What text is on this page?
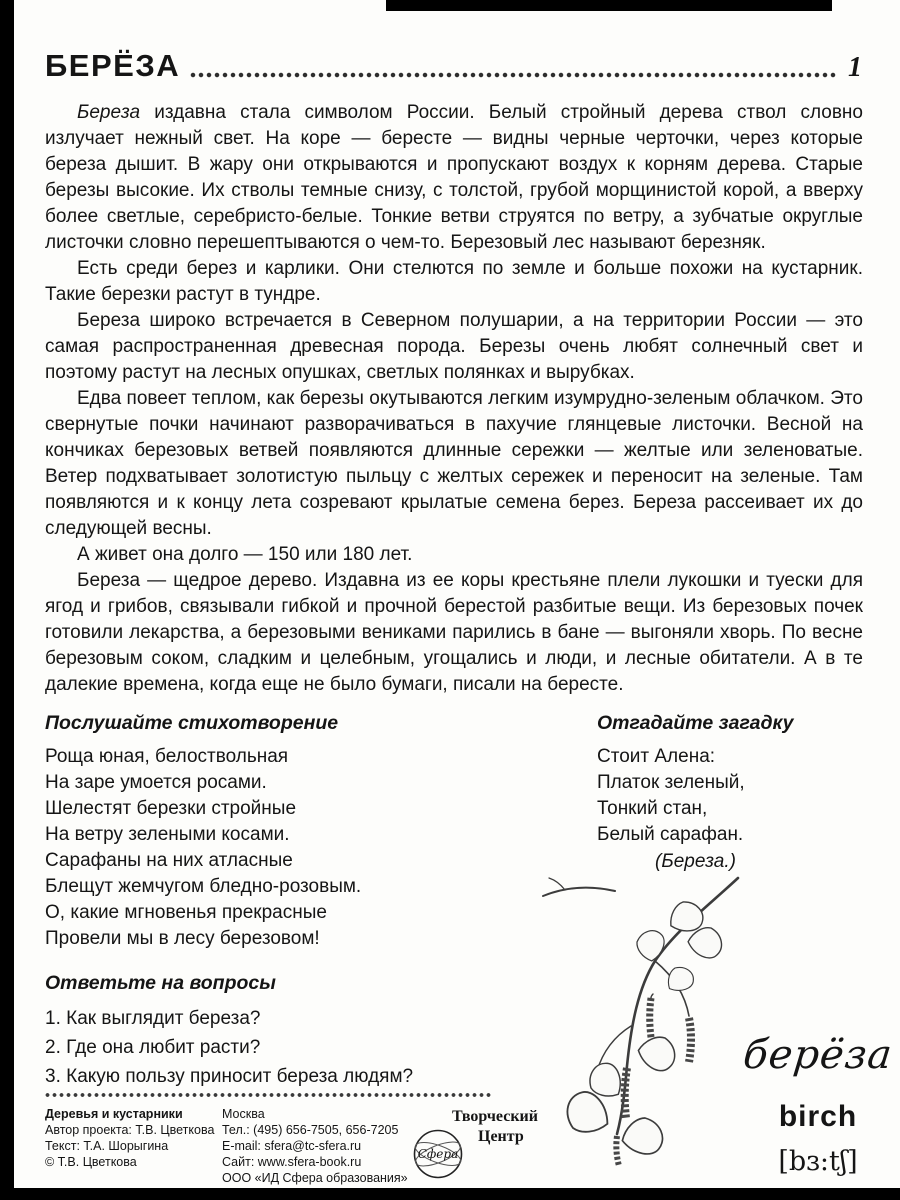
БЕРЁЗА	1

Береза издавна стала символом России. Белый стройный дерева ствол словно излучает нежный свет. На коре — бересте — видны черные черточки, через которые береза дышит. В жару они открываются и пропускают воздух к корням дерева. Старые березы высокие. Их стволы темные снизу, с толстой, грубой морщинистой корой, а вверху более светлые, серебристо-белые. Тонкие ветви струятся по ветру, а зубчатые округлые листочки словно перешептываются о чем-то. Березовый лес называют березняк.

Есть среди берез и карлики. Они стелются по земле и больше похожи на кустарник. Такие березки растут в тундре.

Береза широко встречается в Северном полушарии, а на территории России — это самая распространенная древесная порода. Березы очень любят солнечный свет и поэтому растут на лесных опушках, светлых полянках и вырубках.

Едва повеет теплом, как березы окутываются легким изумрудно-зеленым облачком. Это свернутые почки начинают разворачиваться в пахучие глянцевые листочки. Весной на кончиках березовых ветвей появляются длинные сережки — желтые или зеленоватые. Ветер подхватывает золотистую пыльцу с желтых сережек и переносит на зеленые. Там появляются и к концу лета созревают крылатые семена берез. Береза рассеивает их до следующей весны.

А живет она долго — 150 или 180 лет.

Береза — щедрое дерево. Издавна из ее коры крестьяне плели лукошки и туески для ягод и грибов, связывали гибкой и прочной берестой разбитые вещи. Из березовых почек готовили лекарства, а березовыми вениками парились в бане — выгоняли хворь. По весне березовым соком, сладким и целебным, угощались и люди, и лесные обитатели. А в те далекие времена, когда еще не было бумаги, писали на бересте.

Послушайте стихотворение
Роща юная, белоствольная
На заре умоется росами.
Шелестят березки стройные
На ветру зелеными косами.
Сарафаны на них атласные
Блещут жемчугом бледно-розовым.
О, какие мгновенья прекрасные
Провели мы в лесу березовом!
Ответьте на вопросы
1. Как выглядит береза?
2. Где она любит расти?
3. Какую пользу приносит береза людям?
Отгадайте загадку
Стоит Алена:
Платок зеленый,
Тонкий стан,
Белый сарафан.
(Береза.)
берёза
birch
[bɜ:tʃ]
Деревья и кустарники
Автор проекта: Т.В. Цветкова
Текст: Т.А. Шорыгина
© Т.В. Цветкова
Москва
Тел.: (495) 656-7505, 656-7205
E-mail: sfera@tc-sfera.ru
Сайт: www.sfera-book.ru
ООО «ИД Сфера образования»
Творческий
Центр
Сфера
